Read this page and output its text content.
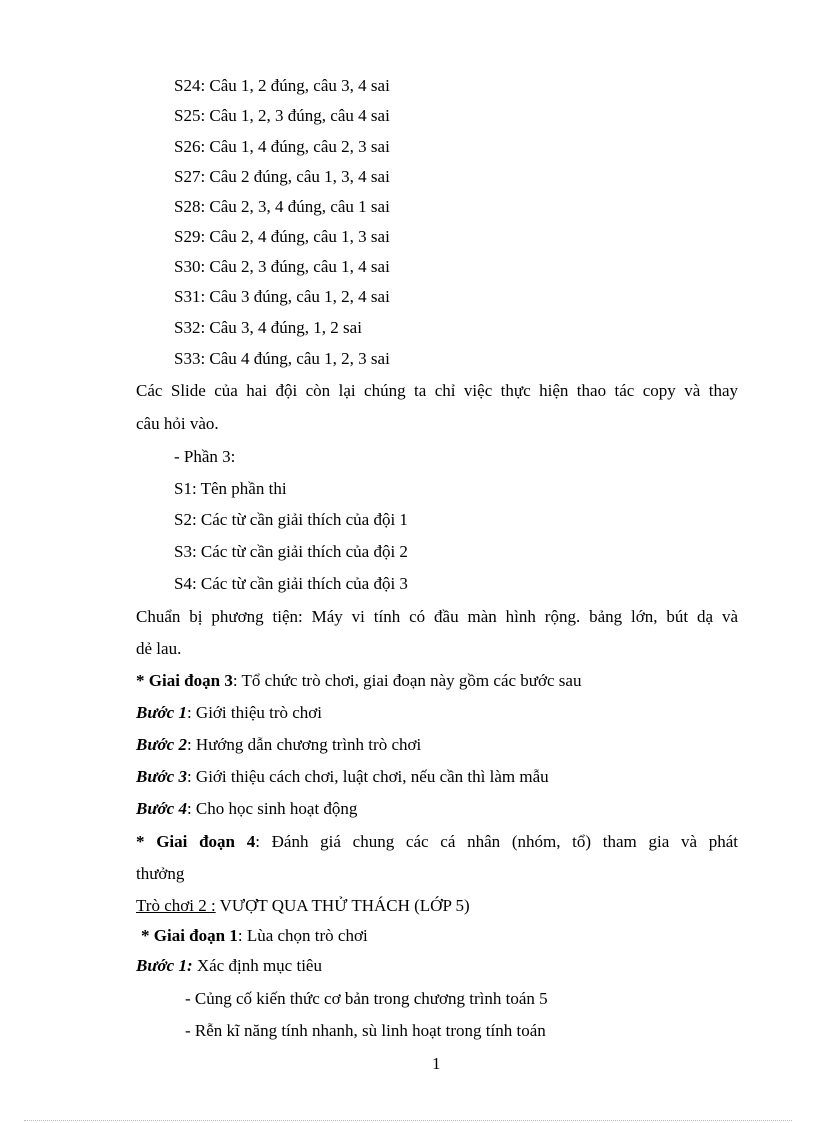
S24: Câu 1, 2 đúng, câu 3, 4 sai
S25: Câu 1, 2, 3 đúng, câu 4 sai
S26: Câu 1, 4 đúng, câu 2, 3 sai
S27: Câu 2 đúng, câu 1, 3, 4 sai
S28: Câu 2, 3, 4 đúng, câu 1 sai
S29: Câu 2, 4 đúng, câu 1, 3 sai
S30: Câu 2, 3 đúng, câu 1, 4 sai
S31: Câu 3 đúng, câu 1, 2, 4 sai
S32: Câu 3, 4 đúng, 1, 2 sai
S33: Câu 4 đúng, câu 1, 2, 3 sai
Các Slide của hai đội còn lại chúng ta chỉ việc thực hiện thao tác copy và thay
câu hỏi vào.
- Phần 3:
S1: Tên phần thi
S2: Các từ cần giải thích của đội 1
S3: Các từ cần giải thích của đội 2
S4: Các từ cần giải thích của đội 3
Chuẩn bị phương tiện: Máy vi tính có đầu màn hình rộng. bảng lớn, bút dạ và
dẻ lau.
* Giai đoạn 3: Tổ chức trò chơi, giai đoạn này gồm các bước sau
Bước 1: Giới thiệu trò chơi
Bước 2: Hướng dẫn chương trình trò chơi
Bước 3: Giới thiệu cách chơi, luật chơi, nếu cần thì làm mẫu
Bước 4: Cho học sinh hoạt động
* Giai đoạn 4: Đánh giá chung các cá nhân (nhóm, tổ) tham gia và phát
thưởng
Trò chơi 2 : VƯỢT QUA THỬ THÁCH (LỚP 5)
* Giai đoạn 1: Lùa chọn trò chơi
Bước 1: Xác định mục tiêu
- Củng cố kiến thức cơ bản trong chương trình toán 5
- Rễn kĩ năng tính nhanh, sù linh hoạt trong tính toán
1
